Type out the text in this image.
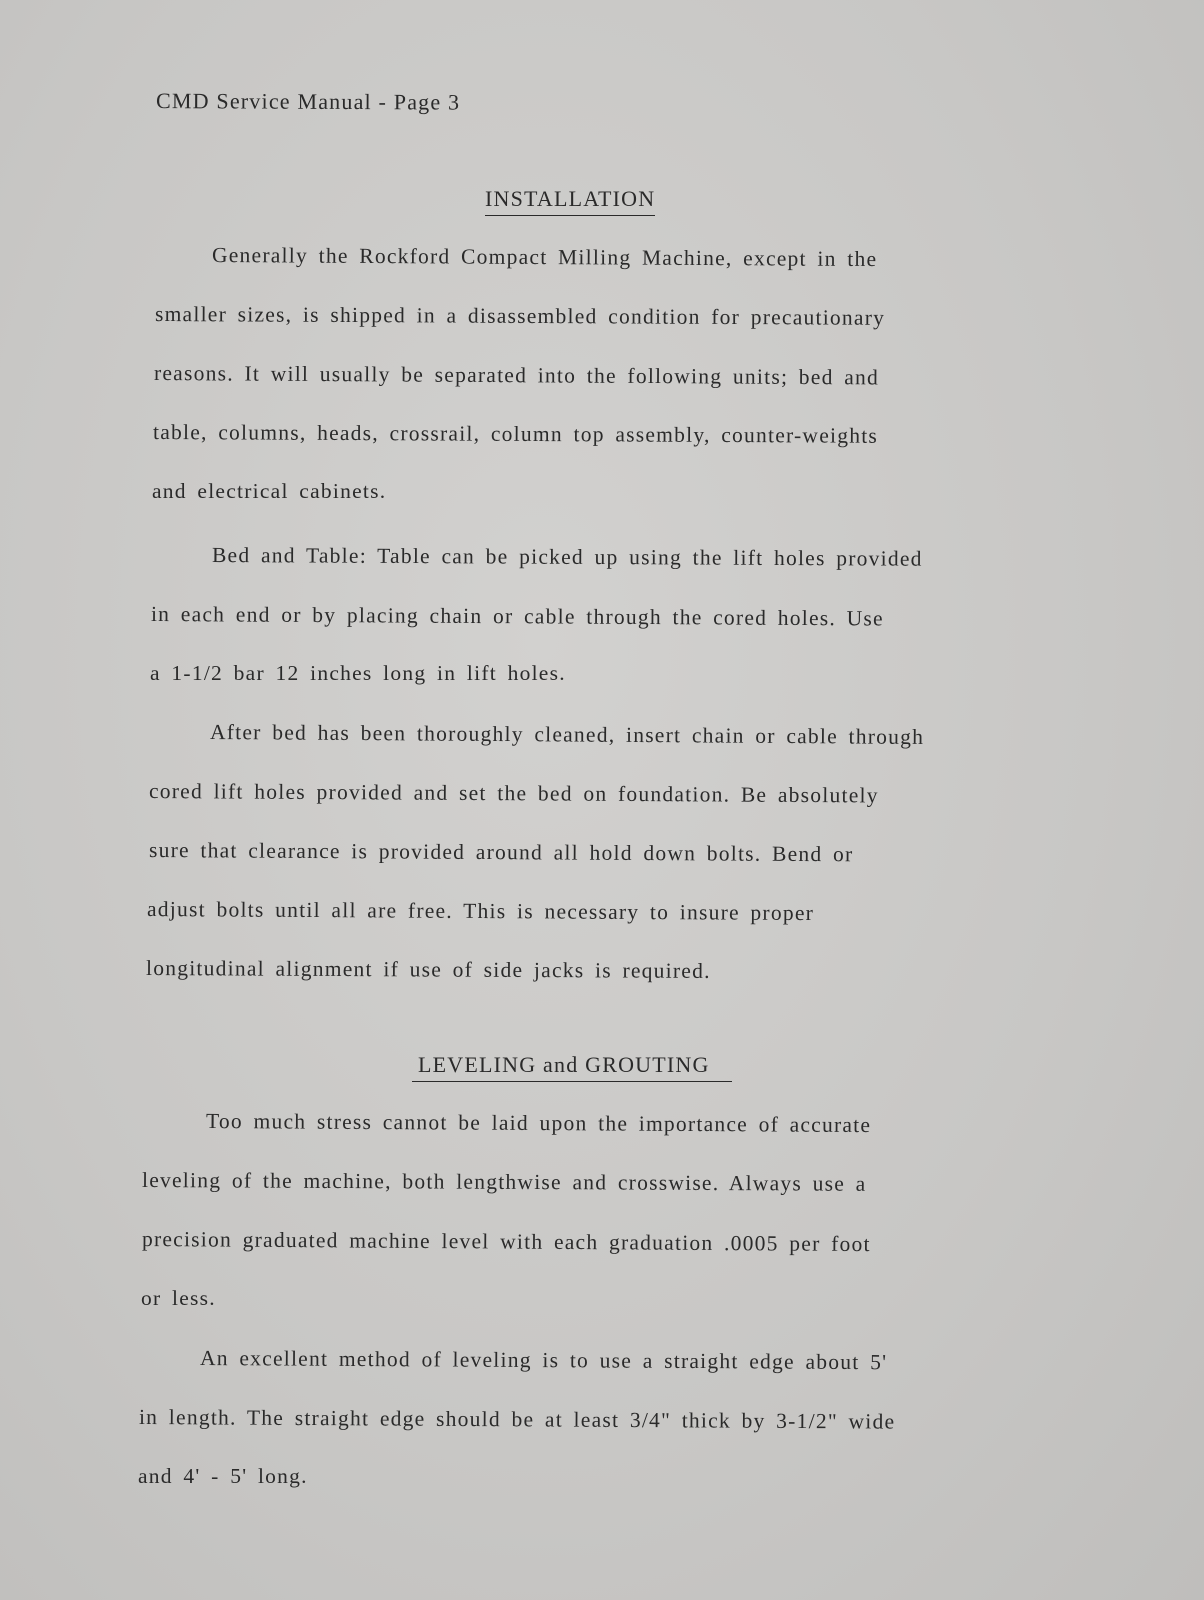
CMD Service Manual - Page 3
INSTALLATION
Generally the Rockford Compact Milling Machine, except in the
smaller sizes, is shipped in a disassembled condition for precautionary
reasons. It will usually be separated into the following units; bed and
table, columns, heads, crossrail, column top assembly, counter-weights
and electrical cabinets.
Bed and Table: Table can be picked up using the lift holes provided
in each end or by placing chain or cable through the cored holes. Use
a 1-1/2 bar 12 inches long in lift holes.
After bed has been thoroughly cleaned, insert chain or cable through
cored lift holes provided and set the bed on foundation. Be absolutely
sure that clearance is provided around all hold down bolts. Bend or
adjust bolts until all are free. This is necessary to insure proper
longitudinal alignment if use of side jacks is required.
LEVELING and GROUTING
Too much stress cannot be laid upon the importance of accurate
leveling of the machine, both lengthwise and crosswise. Always use a
precision graduated machine level with each graduation .0005 per foot
or less.
An excellent method of leveling is to use a straight edge about 5'
in length. The straight edge should be at least 3/4" thick by 3-1/2" wide
and 4' - 5' long.
